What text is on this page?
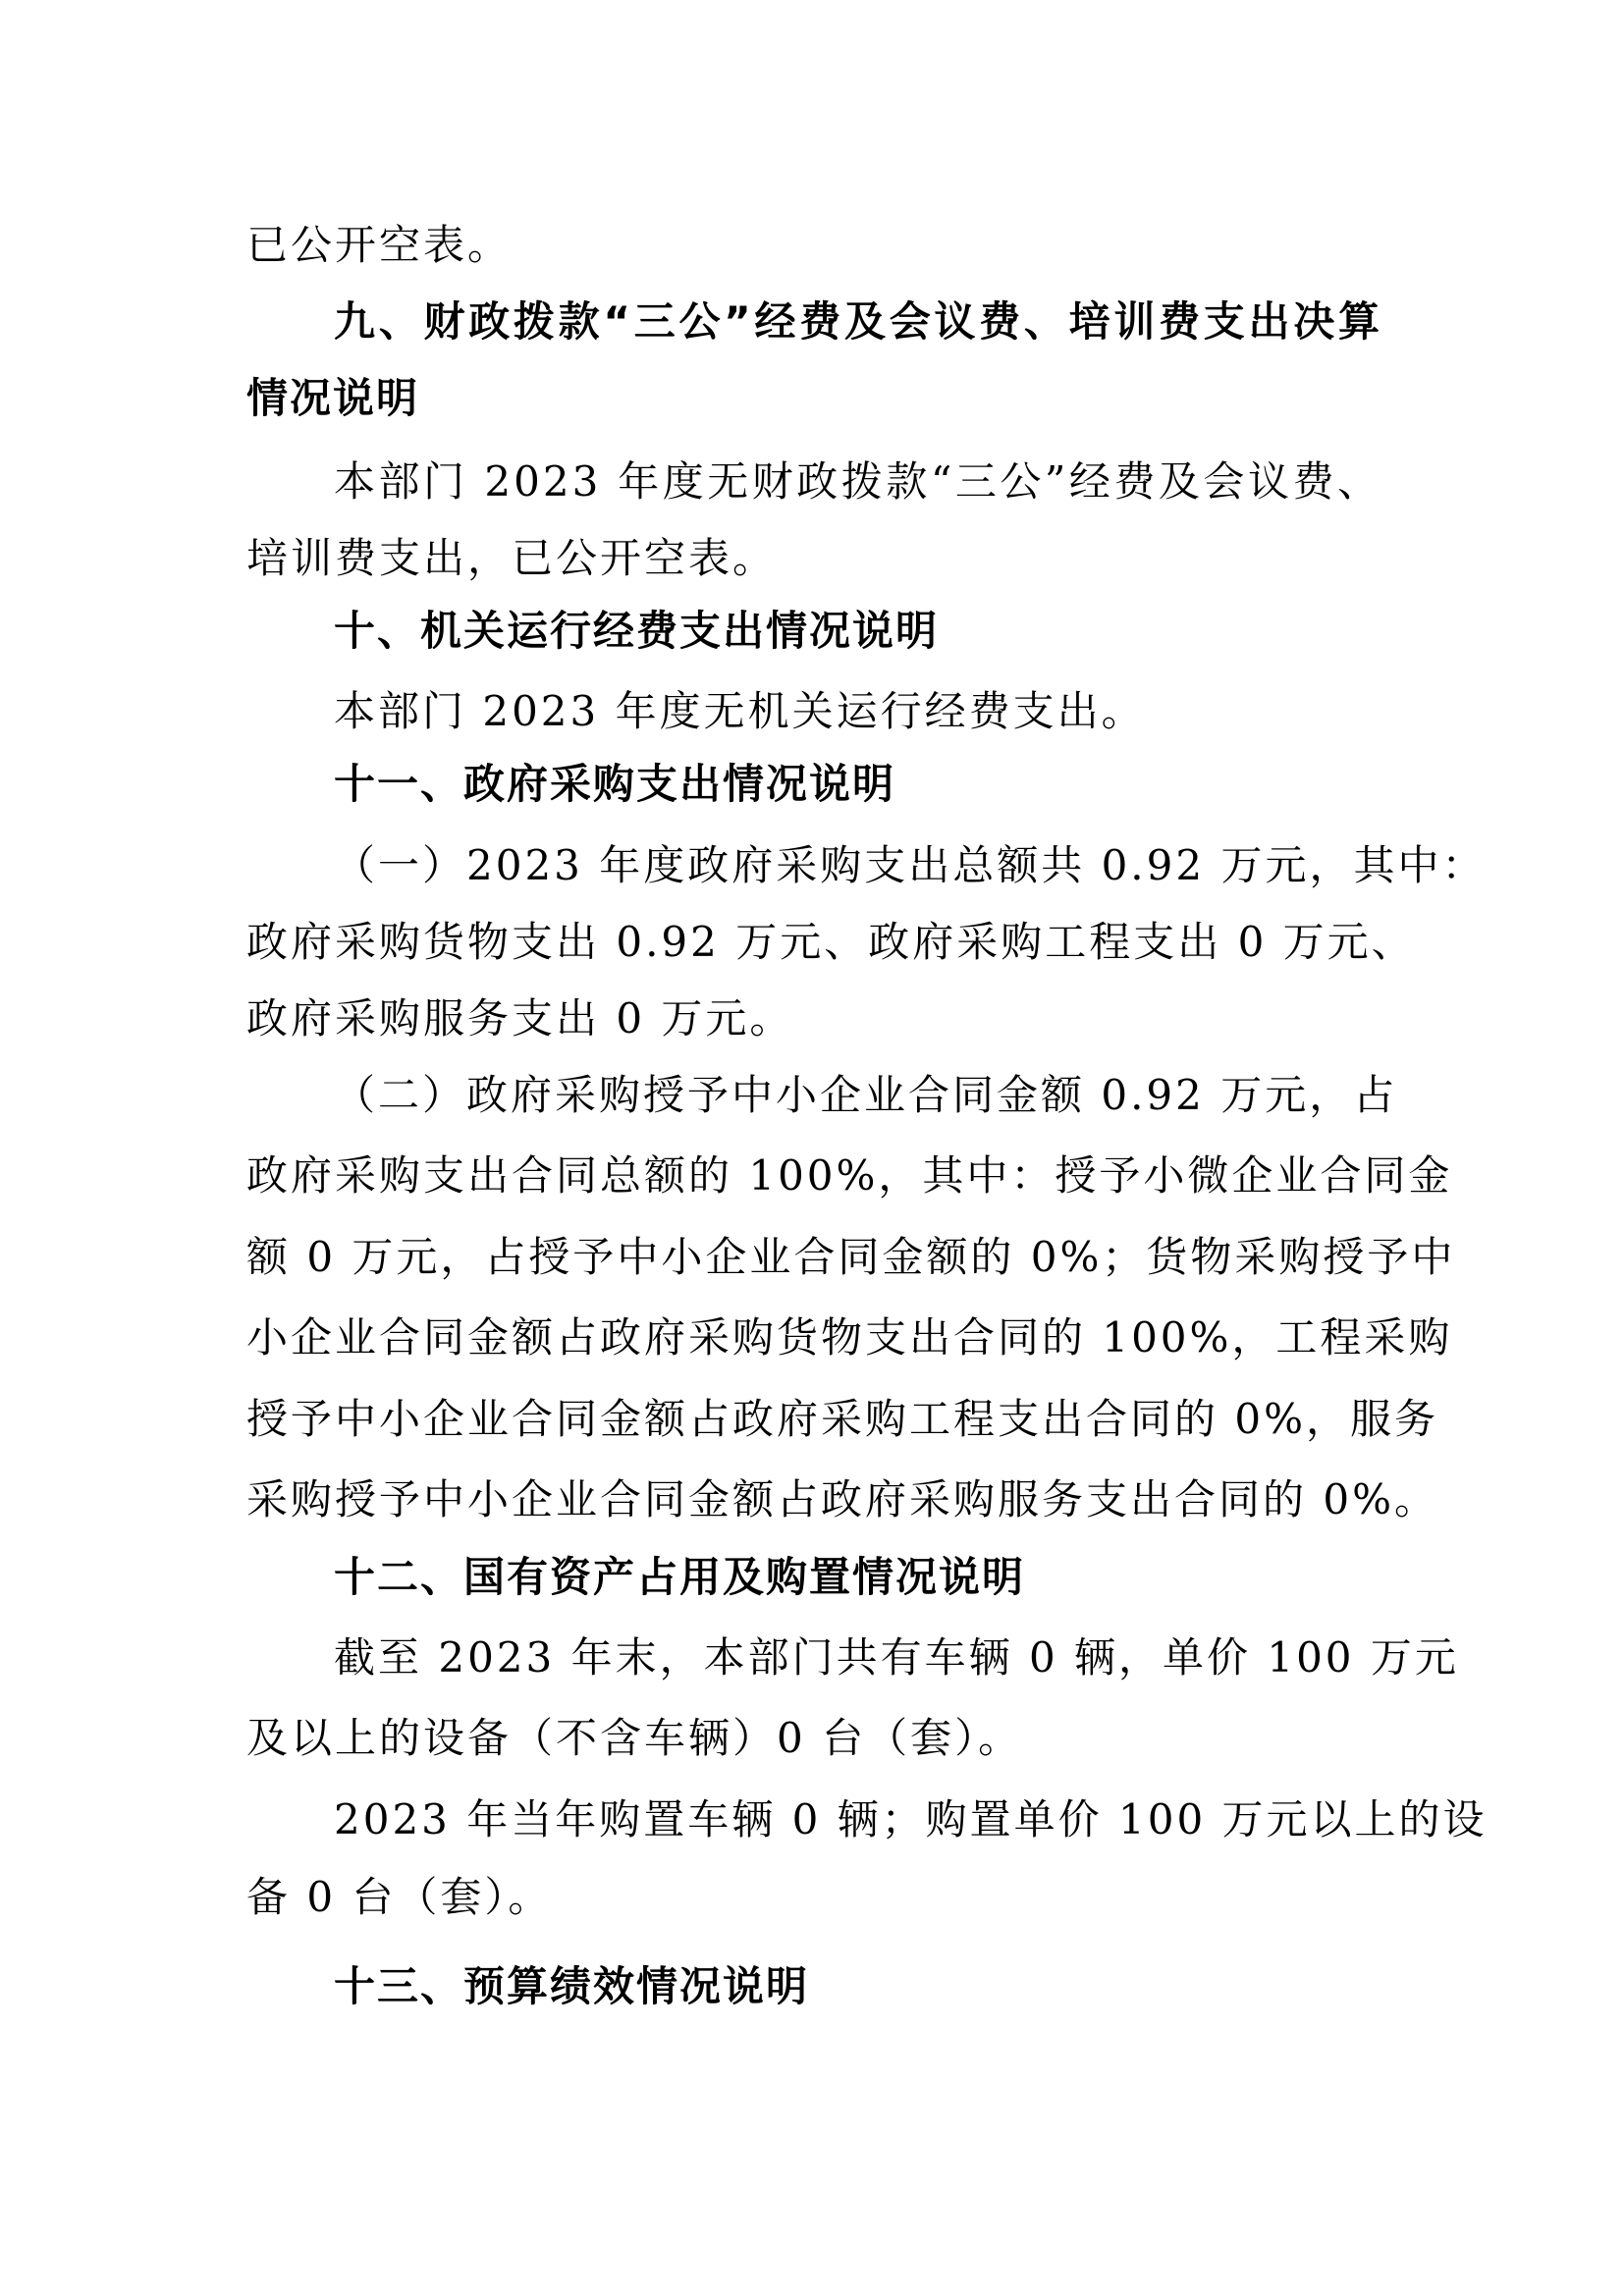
已公开空表。
九、财政拨款“三公”经费及会议费、培训费支出决算
情况说明
本部门 2023 年度无财政拨款“三公”经费及会议费、
培训费支出，已公开空表。
十、机关运行经费支出情况说明
本部门 2023 年度无机关运行经费支出。
十一、政府采购支出情况说明
（一）2023 年度政府采购支出总额共 0.92 万元，其中：
政府采购货物支出 0.92 万元、政府采购工程支出 0 万元、
政府采购服务支出 0 万元。
（二）政府采购授予中小企业合同金额 0.92 万元，占
政府采购支出合同总额的 100%，其中：授予小微企业合同金
额 0 万元，占授予中小企业合同金额的 0%；货物采购授予中
小企业合同金额占政府采购货物支出合同的 100%，工程采购
授予中小企业合同金额占政府采购工程支出合同的 0%，服务
采购授予中小企业合同金额占政府采购服务支出合同的 0%。
十二、国有资产占用及购置情况说明
截至 2023 年末，本部门共有车辆 0 辆，单价 100 万元
及以上的设备（不含车辆）0 台（套）。
2023 年当年购置车辆 0 辆；购置单价 100 万元以上的设
备 0 台（套）。
十三、预算绩效情况说明
